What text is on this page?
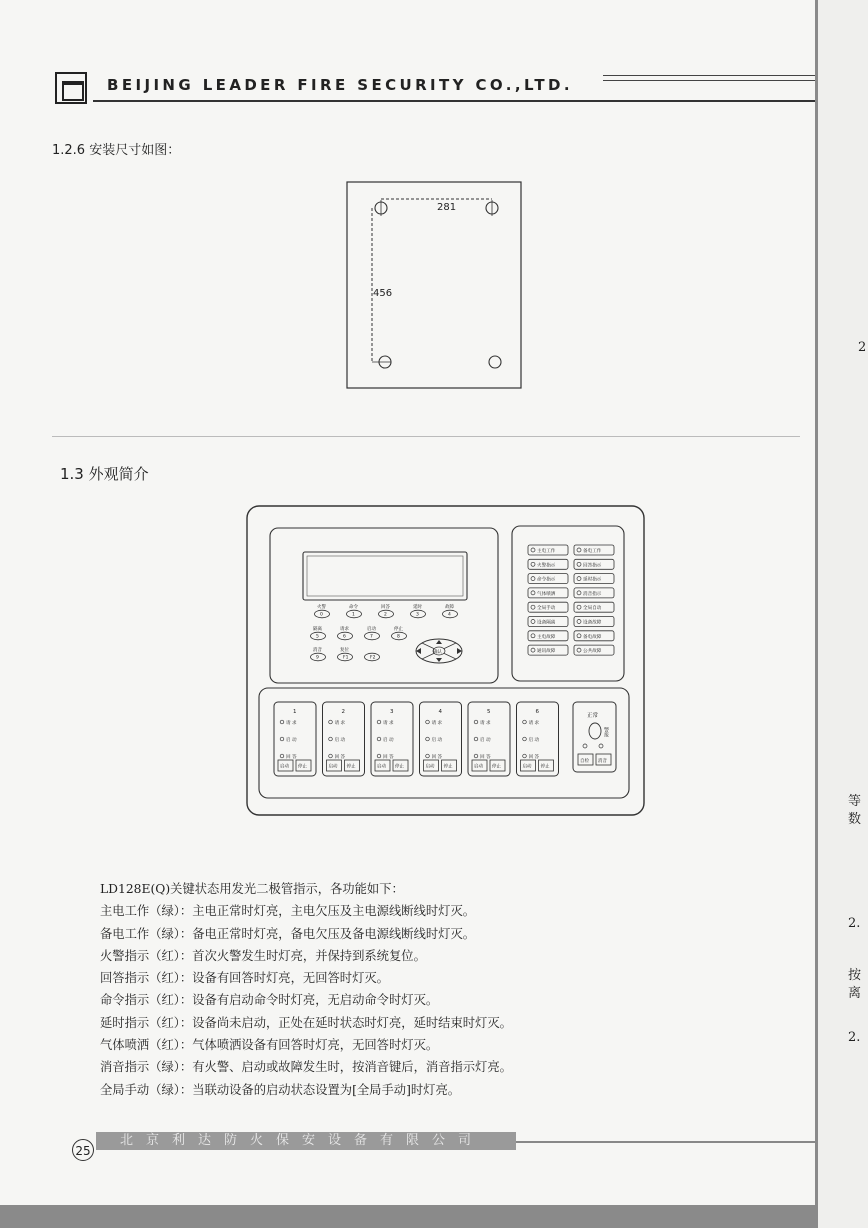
BEIJING LEADER FIRE SECURITY CO.,LTD.
1.2.6 安装尺寸如图：
281
456
1.3 外观简介
火警
0
命令
1
回答
2
延时
3
故障
4
隔离
5
请求
6
启动
7
停止
8
消音
9
复位
F1	F2
确认
主电工作
火警指示
命令指示
气体喷洒
全局手动
设备隔离
主电故障
通讯故障
备电工作
回答指示
延时指示
消音指示
全局自动
设备故障
备电故障
公共故障
1
请 求
启 动
回 答
启动 停止
2
请 求
启 动
回 答
启动 停止
3
请 求
启 动
回 答
启动 停止
4
请 求
启 动
回 答
启动 停止
5
请 求
启 动
回 答
启动 停止
6
请 求
启 动
回 答
启动 停止
正常
警报
自检 消音
LD128E(Q)关键状态用发光二极管指示，各功能如下：
主电工作（绿）：主电正常时灯亮，主电欠压及主电源线断线时灯灭。
备电工作（绿）：备电正常时灯亮，备电欠压及备电源线断线时灯灭。
火警指示（红）：首次火警发生时灯亮，并保持到系统复位。
回答指示（红）：设备有回答时灯亮，无回答时灯灭。
命令指示（红）：设备有启动命令时灯亮，无启动命令时灯灭。
延时指示（红）：设备尚未启动，正处在延时状态时灯亮，延时结束时灯灭。
气体喷洒（红）：气体喷洒设备有回答时灯亮，无回答时灯灭。
消音指示（绿）：有火警、启动或故障发生时，按消音键后，消音指示灯亮。
全局手动（绿）：当联动设备的启动状态设置为[全局手动]时灯亮。
25
北京利达防火保安设备有限公司
2
等
数
2.
按
离
2.
